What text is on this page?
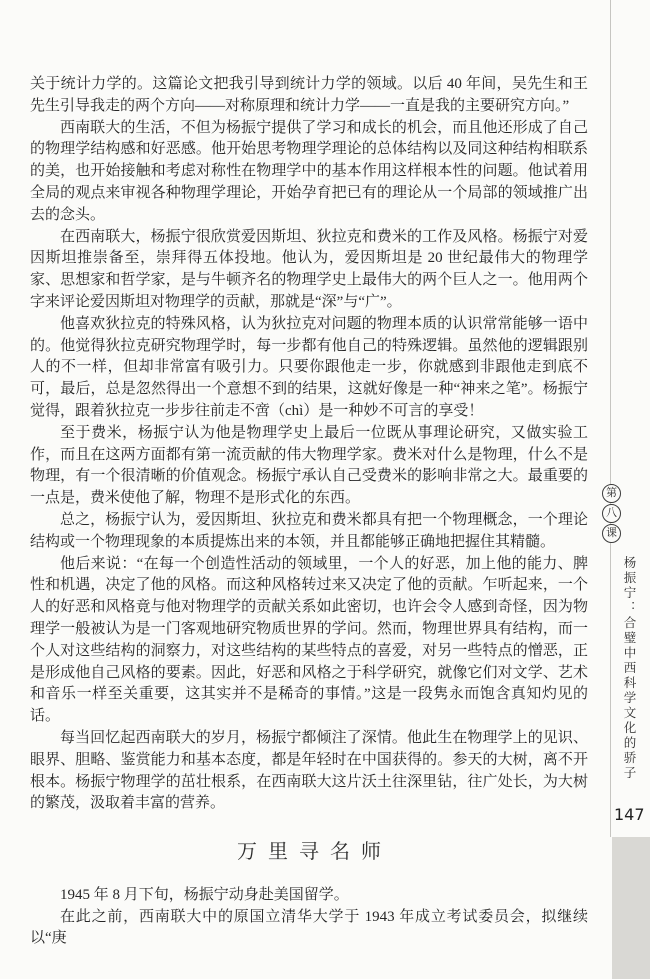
关于统计力学的。这篇论文把我引导到统计力学的领域。以后 40 年间，吴先生和王先生引导我走的两个方向——对称原理和统计力学——一直是我的主要研究方向。”

西南联大的生活，不但为杨振宁提供了学习和成长的机会，而且他还形成了自己的物理学结构感和好恶感。他开始思考物理学理论的总体结构以及同这种结构相联系的美，也开始接触和考虑对称性在物理学中的基本作用这样根本性的问题。他试着用全局的观点来审视各种物理学理论，开始孕育把已有的理论从一个局部的领域推广出去的念头。

在西南联大，杨振宁很欣赏爱因斯坦、狄拉克和费米的工作及风格。杨振宁对爱因斯坦推崇备至，崇拜得五体投地。他认为，爱因斯坦是 20 世纪最伟大的物理学家、思想家和哲学家，是与牛顿齐名的物理学史上最伟大的两个巨人之一。他用两个字来评论爱因斯坦对物理学的贡献，那就是“深”与“广”。

他喜欢狄拉克的特殊风格，认为狄拉克对问题的物理本质的认识常常能够一语中的。他觉得狄拉克研究物理学时，每一步都有他自己的特殊逻辑。虽然他的逻辑跟别人的不一样，但却非常富有吸引力。只要你跟他走一步，你就感到非跟他走到底不可，最后，总是忽然得出一个意想不到的结果，这就好像是一种“神来之笔”。杨振宁觉得，跟着狄拉克一步步往前走不啻（chì）是一种妙不可言的享受！

至于费米，杨振宁认为他是物理学史上最后一位既从事理论研究，又做实验工作，而且在这两方面都有第一流贡献的伟大物理学家。费米对什么是物理，什么不是物理，有一个很清晰的价值观念。杨振宁承认自己受费米的影响非常之大。最重要的一点是，费米使他了解，物理不是形式化的东西。

总之，杨振宁认为，爱因斯坦、狄拉克和费米都具有把一个物理概念，一个理论结构或一个物理现象的本质提炼出来的本领，并且都能够正确地把握住其精髓。

他后来说：“在每一个创造性活动的领域里，一个人的好恶，加上他的能力、脾性和机遇，决定了他的风格。而这种风格转过来又决定了他的贡献。乍听起来，一个人的好恶和风格竟与他对物理学的贡献关系如此密切，也许会令人感到奇怪，因为物理学一般被认为是一门客观地研究物质世界的学问。然而，物理世界具有结构，而一个人对这些结构的洞察力，对这些结构的某些特点的喜爱，对另一些特点的憎恶，正是形成他自己风格的要素。因此，好恶和风格之于科学研究，就像它们对文学、艺术和音乐一样至关重要，这其实并不是稀奇的事情。”这是一段隽永而饱含真知灼见的话。

每当回忆起西南联大的岁月，杨振宁都倾注了深情。他此生在物理学上的见识、眼界、胆略、鉴赏能力和基本态度，都是年轻时在中国获得的。参天的大树，离不开根本。杨振宁物理学的茁壮根系，在西南联大这片沃土往深里钻，往广处长，为大树的繁茂，汲取着丰富的营养。

万里寻名师

1945 年 8 月下旬，杨振宁动身赴美国留学。

在此之前，西南联大中的原国立清华大学于 1943 年成立考试委员会，拟继续以“庚

第
八
课
杨振宁：合璧中西科学文化的骄子
147
